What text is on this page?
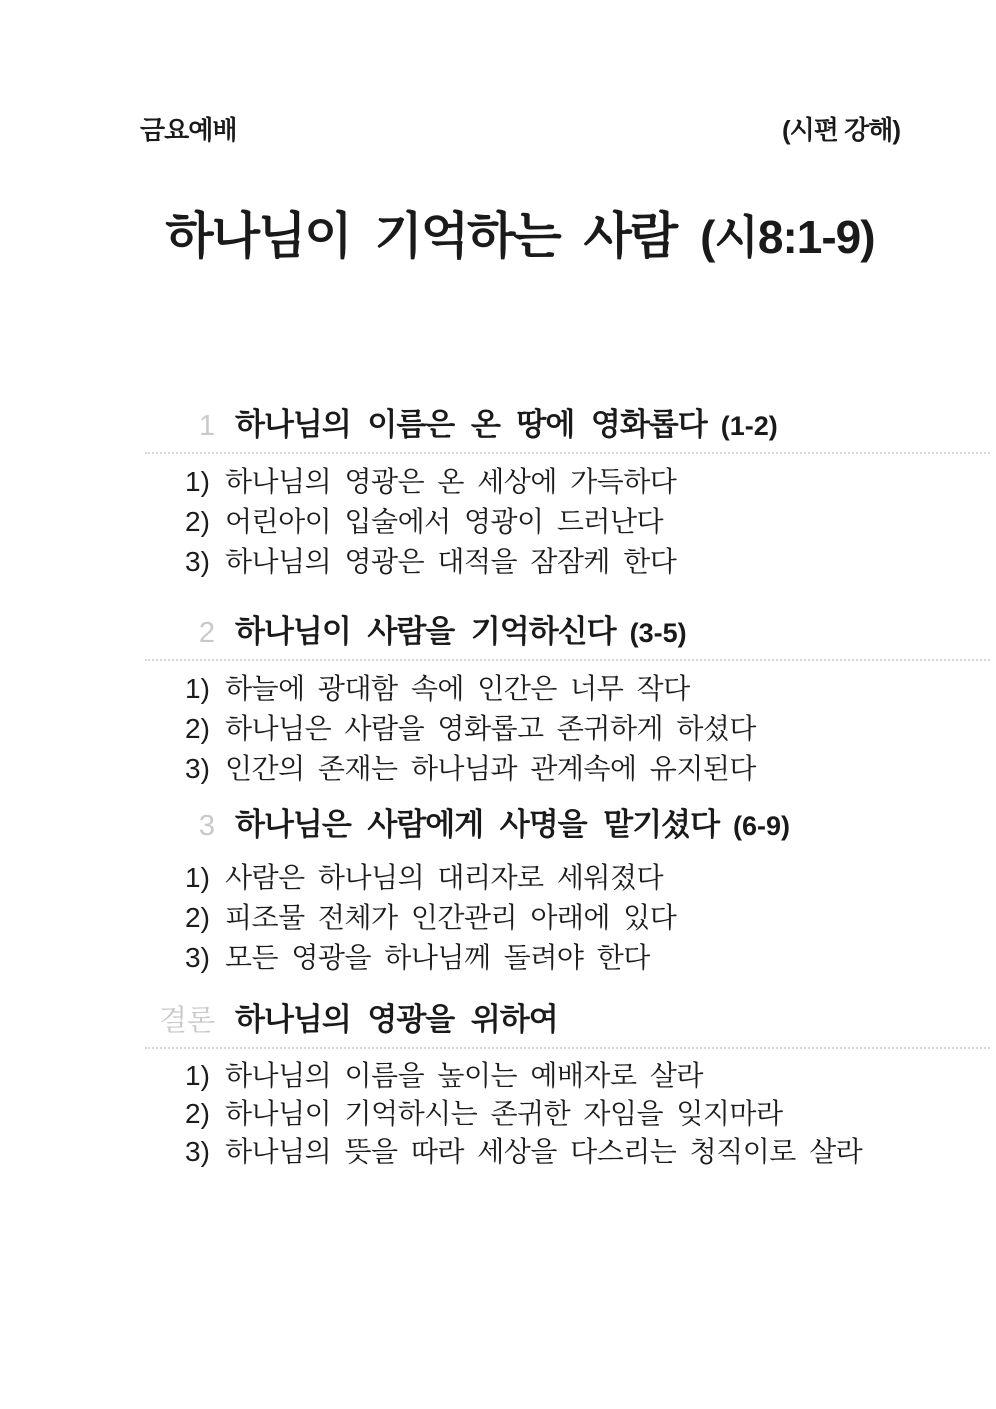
금요예배	(시편 강해)
하나님이 기억하는 사람 (시8:1-9)
1 하나님의 이름은 온 땅에 영화롭다 (1-2)
1) 하나님의 영광은 온 세상에 가득하다
2) 어린아이 입술에서 영광이 드러난다
3) 하나님의 영광은 대적을 잠잠케 한다
2 하나님이 사람을 기억하신다 (3-5)
1) 하늘에 광대함 속에 인간은 너무 작다
2) 하나님은 사람을 영화롭고 존귀하게 하셨다
3) 인간의 존재는 하나님과 관계속에 유지된다
3 하나님은 사람에게 사명을 맡기셨다 (6-9)
1) 사람은 하나님의 대리자로 세워졌다
2) 피조물 전체가 인간관리 아래에 있다
3) 모든 영광을 하나님께 돌려야 한다
결론 하나님의 영광을 위하여
1) 하나님의 이름을 높이는 예배자로 살라
2) 하나님이 기억하시는 존귀한 자임을 잊지마라
3) 하나님의 뜻을 따라 세상을 다스리는 청직이로 살라
